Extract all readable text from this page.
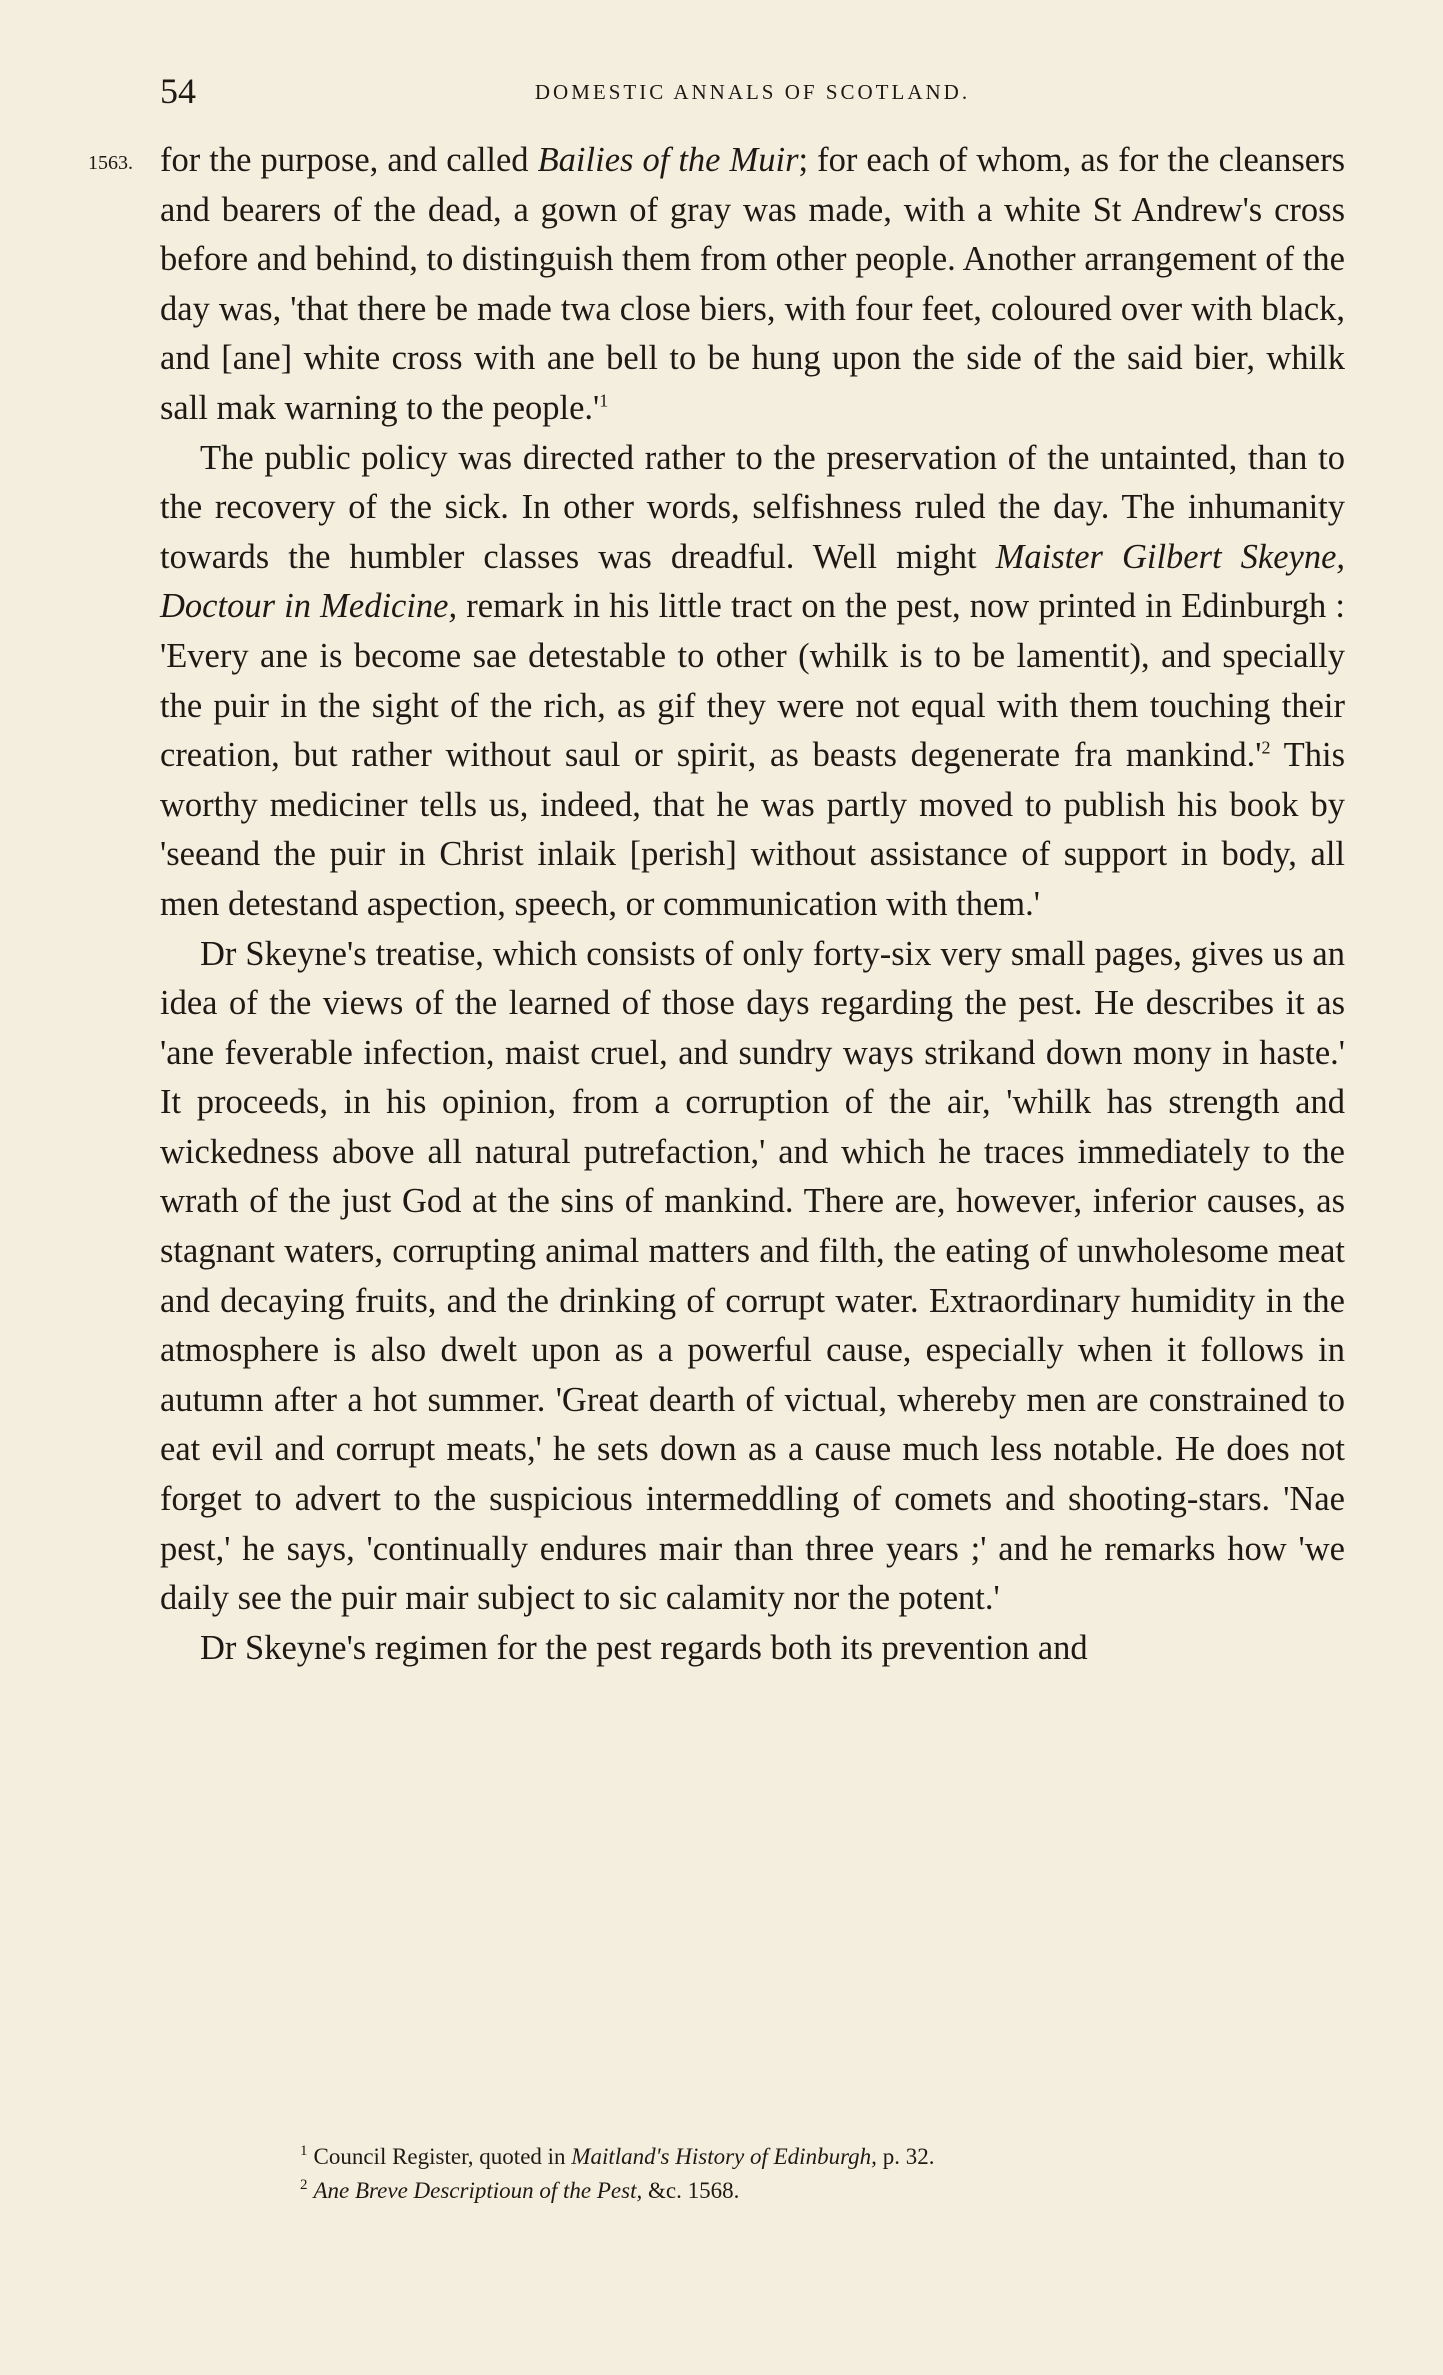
54	DOMESTIC ANNALS OF SCOTLAND.
1563. for the purpose, and called Bailies of the Muir; for each of whom, as for the cleansers and bearers of the dead, a gown of gray was made, with a white St Andrew's cross before and behind, to distinguish them from other people. Another arrangement of the day was, 'that there be made twa close biers, with four feet, coloured over with black, and [ane] white cross with ane bell to be hung upon the side of the said bier, whilk sall mak warning to the $people.'^1$

The public policy was directed rather to the preservation of the untainted, than to the recovery of the sick. In other words, selfishness ruled the day. The inhumanity towards the humbler classes was dreadful. Well might Maister Gilbert Skeyne, Doctour in Medicine, remark in his little tract on the pest, now printed in Edinburgh : 'Every ane is become sae detestable to other (whilk is to be lamentit), and specially the puir in the sight of the rich, as gif they were not equal with them touching their creation, but rather without saul or spirit, as beasts degenerate fra $mankind.'^2$ This worthy mediciner tells us, indeed, that he was partly moved to publish his book by 'seeand the puir in Christ inlaik [perish] without assistance of support in body, all men detestand aspection, speech, or communication with them.'

Dr Skeyne's treatise, which consists of only forty-six very small pages, gives us an idea of the views of the learned of those days regarding the pest. He describes it as 'ane feverable infection, maist cruel, and sundry ways strikand down mony in haste.' It proceeds, in his opinion, from a corruption of the air, 'whilk has strength and wickedness above all natural putrefaction,' and which he traces immediately to the wrath of the just God at the sins of mankind. There are, however, inferior causes, as stagnant waters, corrupting animal matters and filth, the eating of unwholesome meat and decaying fruits, and the drinking of corrupt water. Extraordinary humidity in the atmosphere is also dwelt upon as a powerful cause, especially when it follows in autumn after a hot summer. 'Great dearth of victual, whereby men are constrained to eat evil and corrupt meats,' he sets down as a cause much less notable. He does not forget to advert to the suspicious intermeddling of comets and shooting-stars. 'Nae pest,' he says, 'continually endures mair than three years ;' and he remarks how 'we daily see the puir mair subject to sic calamity nor the potent.'

Dr Skeyne's regimen for the pest regards both its prevention and

$^1$ Council Register, quoted in Maitland's History of Edinburgh, p. 32.
$^2$ Ane Breve Descriptioun of the Pest, &c. 1568.
